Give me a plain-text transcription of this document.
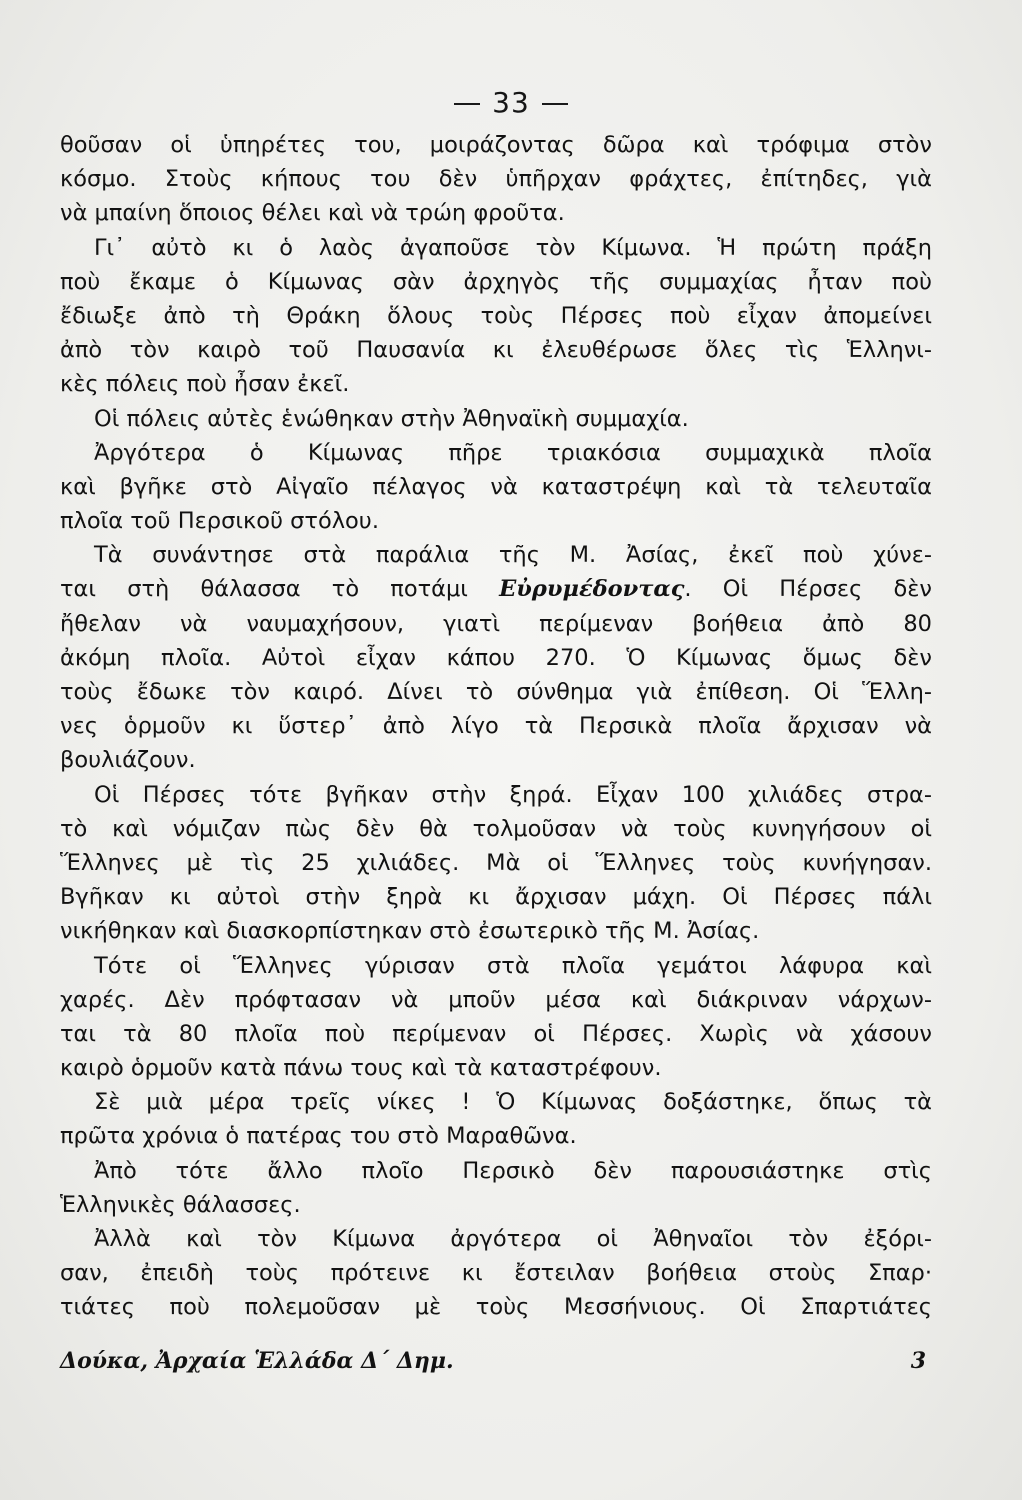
33
θοῦσαν οἱ ὑπηρέτες του, μοιράζοντας δῶρα καὶ τρόφιμα στὸν
κόσμο. Στοὺς κήπους του δὲν ὑπῆρχαν φράχτες, ἐπίτηδες, γιὰ
νὰ μπαίνη ὅποιος θέλει καὶ νὰ τρώη φροῦτα.
Γι᾿ αὐτὸ κι ὁ λαὸς ἀγαποῦσε τὸν Κίμωνα. Ἡ πρώτη πράξη
ποὺ ἔκαμε ὁ Κίμωνας σὰν ἀρχηγὸς τῆς συμμαχίας ἦταν ποὺ
ἔδιωξε ἀπὸ τὴ Θράκη ὅλους τοὺς Πέρσες ποὺ εἶχαν ἀπομείνει
ἀπὸ τὸν καιρὸ τοῦ Παυσανία κι ἐλευθέρωσε ὅλες τὶς Ἑλληνι-
κὲς πόλεις ποὺ ἦσαν ἐκεῖ.
Οἱ πόλεις αὐτὲς ἑνώθηκαν στὴν Ἀθηναϊκὴ συμμαχία.
Ἀργότερα ὁ Κίμωνας πῆρε τριακόσια συμμαχικὰ πλοῖα
καὶ βγῆκε στὸ Αἰγαῖο πέλαγος νὰ καταστρέψη καὶ τὰ τελευταῖα
πλοῖα τοῦ Περσικοῦ στόλου.
Τὰ συνάντησε στὰ παράλια τῆς Μ. Ἀσίας, ἐκεῖ ποὺ χύνε-
ται στὴ θάλασσα τὸ ποτάμι Εὐρυμέδοντας. Οἱ Πέρσες δὲν
ἤθελαν νὰ ναυμαχήσουν, γιατὶ περίμεναν βοήθεια ἀπὸ 80
ἀκόμη πλοῖα. Αὐτοὶ εἶχαν κάπου 270. Ὁ Κίμωνας ὅμως δὲν
τοὺς ἔδωκε τὸν καιρό. Δίνει τὸ σύνθημα γιὰ ἐπίθεση. Οἱ Ἕλλη-
νες ὁρμοῦν κι ὕστερ᾿ ἀπὸ λίγο τὰ Περσικὰ πλοῖα ἄρχισαν νὰ
βουλιάζουν.
Οἱ Πέρσες τότε βγῆκαν στὴν ξηρά. Εἶχαν 100 χιλιάδες στρα-
τὸ καὶ νόμιζαν πὼς δὲν θὰ τολμοῦσαν νὰ τοὺς κυνηγήσουν οἱ
Ἕλληνες μὲ τὶς 25 χιλιάδες. Μὰ οἱ Ἕλληνες τοὺς κυνήγησαν.
Βγῆκαν κι αὐτοὶ στὴν ξηρὰ κι ἄρχισαν μάχη. Οἱ Πέρσες πάλι
νικήθηκαν καὶ διασκορπίστηκαν στὸ ἐσωτερικὸ τῆς Μ. Ἀσίας.
Τότε οἱ Ἕλληνες γύρισαν στὰ πλοῖα γεμάτοι λάφυρα καὶ
χαρές. Δὲν πρόφτασαν νὰ μποῦν μέσα καὶ διάκριναν νάρχων-
ται τὰ 80 πλοῖα ποὺ περίμεναν οἱ Πέρσες. Χωρὶς νὰ χάσουν
καιρὸ ὁρμοῦν κατὰ πάνω τους καὶ τὰ καταστρέφουν.
Σὲ μιὰ μέρα τρεῖς νίκες ! Ὁ Κίμωνας δοξάστηκε, ὅπως τὰ
πρῶτα χρόνια ὁ πατέρας του στὸ Μαραθῶνα.
Ἀπὸ τότε ἄλλο πλοῖο Περσικὸ δὲν παρουσιάστηκε στὶς
Ἑλληνικὲς θάλασσες.
Ἀλλὰ καὶ τὸν Κίμωνα ἀργότερα οἱ Ἀθηναῖοι τὸν ἐξόρι-
σαν, ἐπειδὴ τοὺς πρότεινε κι ἔστειλαν βοήθεια στοὺς Σπαρ·
τιάτες ποὺ πολεμοῦσαν μὲ τοὺς Μεσσήνιους. Οἱ Σπαρτιάτες
Δούκα, Ἀρχαία Ἑλλάδα Δ΄ Δημ.	3
